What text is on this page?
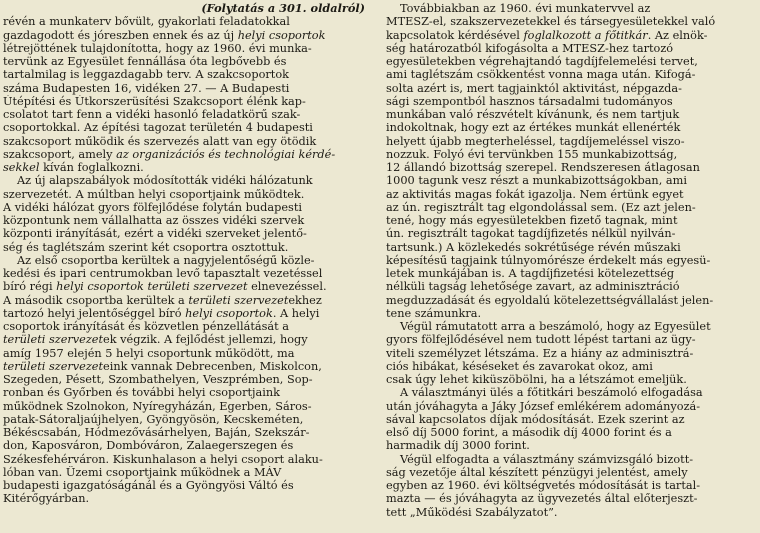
(Folytatás a 301. oldalról)
révén a munkaterv bővült, gyakorlati feladatokkal
gazdagodott és jóreszben ennek és az új helyi csoportok
létrejöttének tulajdonította, hogy az 1960. évi munka-
tervünk az Egyesület fennállása óta legbővebb és
tartalmilag is leggazdagabb terv. A szakcsoportok
száma Budapesten 16, vidéken 27. — A Budapesti
Útépítési és Útkorszerüsítési Szakcsoport élénk kap-
csolatot tart fenn a vidéki hasonló feladatkörű szak-
csoportokkal. Az építési tagozat területén 4 budapesti
szakcsoport működik és szervezés alatt van egy ötödik
szakcsoport, amely az organizációs és technológiai kérdé-
sekkel kíván foglalkozni.
Az új alapszabályok módosították vidéki hálózatunk
szervezetét. A múltban helyi csoportjaink működtek.
A vidéki hálózat gyors fölfejlődése folytán budapesti
központunk nem vállalhatta az összes vidéki szervek
központi irányítását, ezért a vidéki szerveket jelentő-
ség és taglétszám szerint két csoportra osztottuk.
Az első csoportba kerültek a nagyjelentőségű közle-
kedési és ipari centrumokban levő tapasztalt vezetéssel
bíró régi helyi csoportok területi szervezet elnevezéssel.
A második csoportba kerültek a területi szervezetekhez
tartozó helyi jelentőséggel bíró helyi csoportok. A helyi
csoportok irányítását és közvetlen pénzellátását a
területi szervezetek végzik. A fejlődést jellemzi, hogy
amíg 1957 elején 5 helyi csoportunk működött, ma
területi szervezeteink vannak Debrecenben, Miskolcon,
Szegeden, Pésett, Szombathelyen, Veszprémben, Sop-
ronban és Győrben és további helyi csoportjaink
működnek Szolnokon, Nyíregyházán, Egerben, Sáros-
patak-Sátoraljaújhelyen, Gyöngyösön, Kecskeméten,
Békéscsabán, Hódmezővásárhelyen, Baján, Szekszár-
don, Kaposváron, Dombóváron, Zalaegerszegen és
Székesfehérváron. Kiskunhalason a helyi csoport alaku-
lóban van. Üzemi csoportjaink működnek a MÁV
budapesti igazgatóságánál és a Gyöngyösi Váltó és
Kitérőgyárban.
Továbbiakban az 1960. évi munkatervvel az
MTESZ-el, szakszervezetekkel és társegyesületekkel való
kapcsolatok kérdésével foglalkozott a főtitkár. Az elnök-
ség határozatból kifogásolta a MTESZ-hez tartozó
egyesületekben végrehajtandó tagdíjfelemelési tervet,
ami taglétszám csökkentést vonna maga után. Kifogá-
solta azért is, mert tagjainktól aktivitást, népgazda-
sági szempontból hasznos társadalmi tudományos
munkában való részvételt kívánunk, és nem tartjuk
indokoltnak, hogy ezt az értékes munkát ellenérték
helyett újabb megterheléssel, tagdíjemeléssel viszo-
nozzuk. Folyó évi tervünkben 155 munkabizottság,
12 állandó bizottság szerepel. Rendszeresen átlagosan
1000 tagunk vesz részt a munkabizottságokban, ami
az aktivitás magas fokát igazolja. Nem értünk egyet
az ún. regisztrált tag elgondolással sem. (Ez azt jelen-
tené, hogy más egyesületekben fizető tagnak, mint
ún. regisztrált tagokat tagdíjfizetés nélkül nyilván-
tartsunk.) A közlekedés sokrétűsége révén műszaki
képesítésű tagjaink túlnyomórésze érdekelt más egyesü-
letek munkájában is. A tagdíjfizetési kötelezettség
nélküli tagság lehetősége zavart, az adminisztráció
megduzzadását és egyoldalú kötelezettségvállalást jelen-
tene számunkra.
Végül rámutatott arra a beszámoló, hogy az Egyesület
gyors fölfejlődésével nem tudott lépést tartani az ügy-
viteli személyzet létszáma. Ez a hiány az adminisztrá-
ciós hibákat, késéseket és zavarokat okoz, ami
csak úgy lehet kiküszöbölni, ha a létszámot emeljük.
A választmányi ülés a főtitkári beszámoló elfogadása
után jóváhagyta a Jáky József emlékérem adományozá-
sával kapcsolatos díjak módosítását. Ezek szerint az
első díj 5000 forint, a második díj 4000 forint és a
harmadik díj 3000 forint.
Végül elfogadta a választmány számvizsgáló bizott-
ság vezetője által készített pénzügyi jelentést, amely
egyben az 1960. évi költségvetés módosítását is tartal-
mazta — és jóváhagyta az ügyvezetés által előterjeszt-
tett „Működési Szabályzatot”.
